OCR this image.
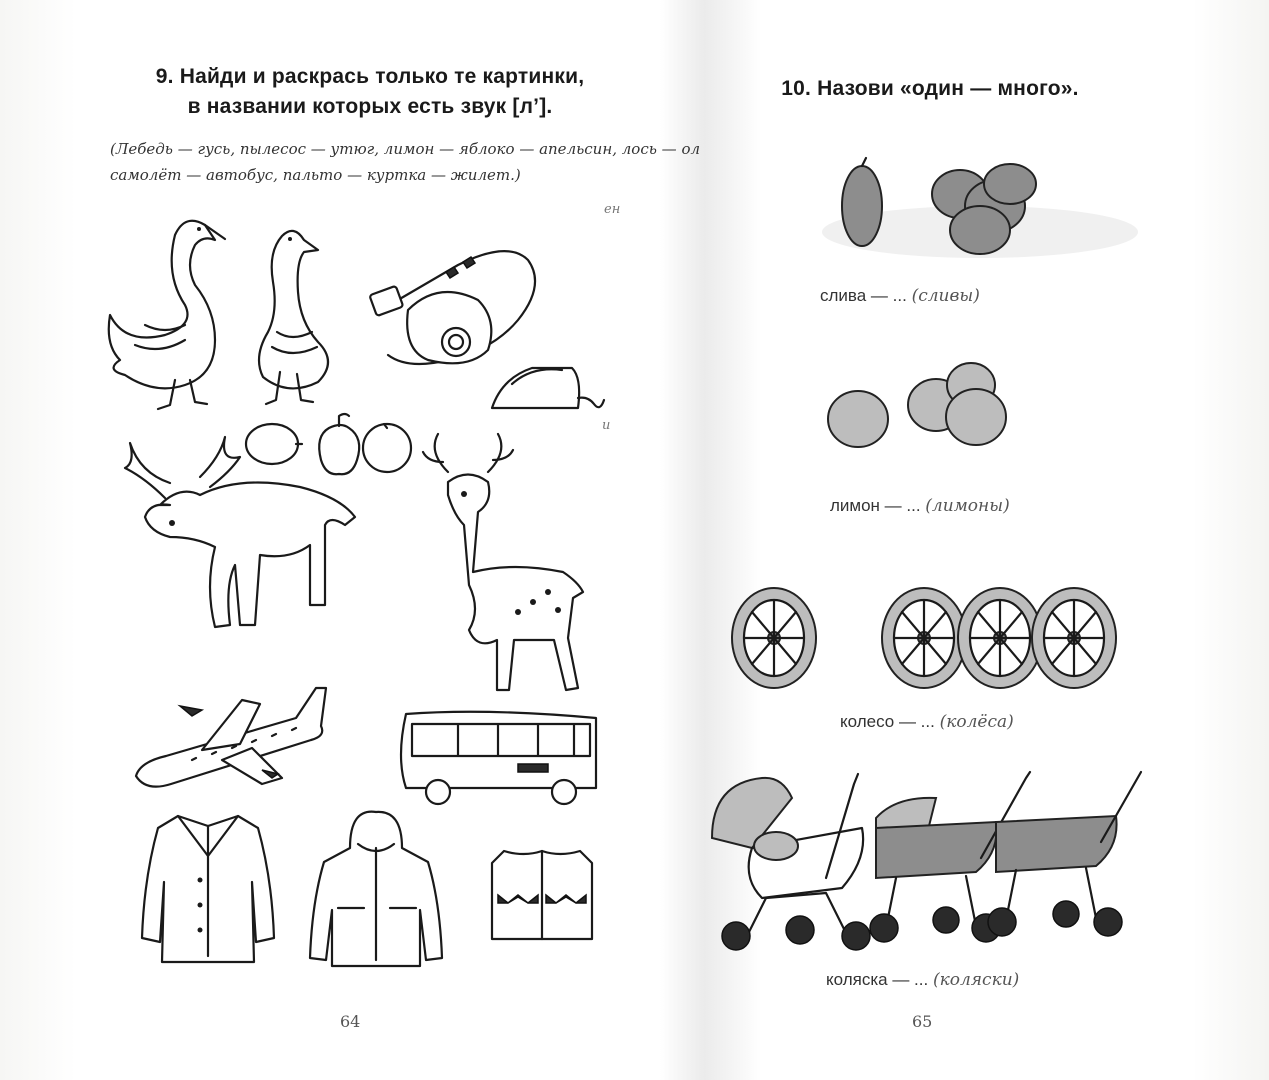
9. Найди и раскрась только те картинки,
в названии которых есть звук [л’].
(Лебедь — гусь, пылесос — утюг, лимон — яблоко — апельсин, лось — ол
самолёт — автобус, пальто — куртка — жилет.)
ен
и
64
10. Назови «один — много».
слива — ... (сливы)
лимон — ... (лимоны)
колесо — ... (колёса)
коляска — ... (коляски)
65
